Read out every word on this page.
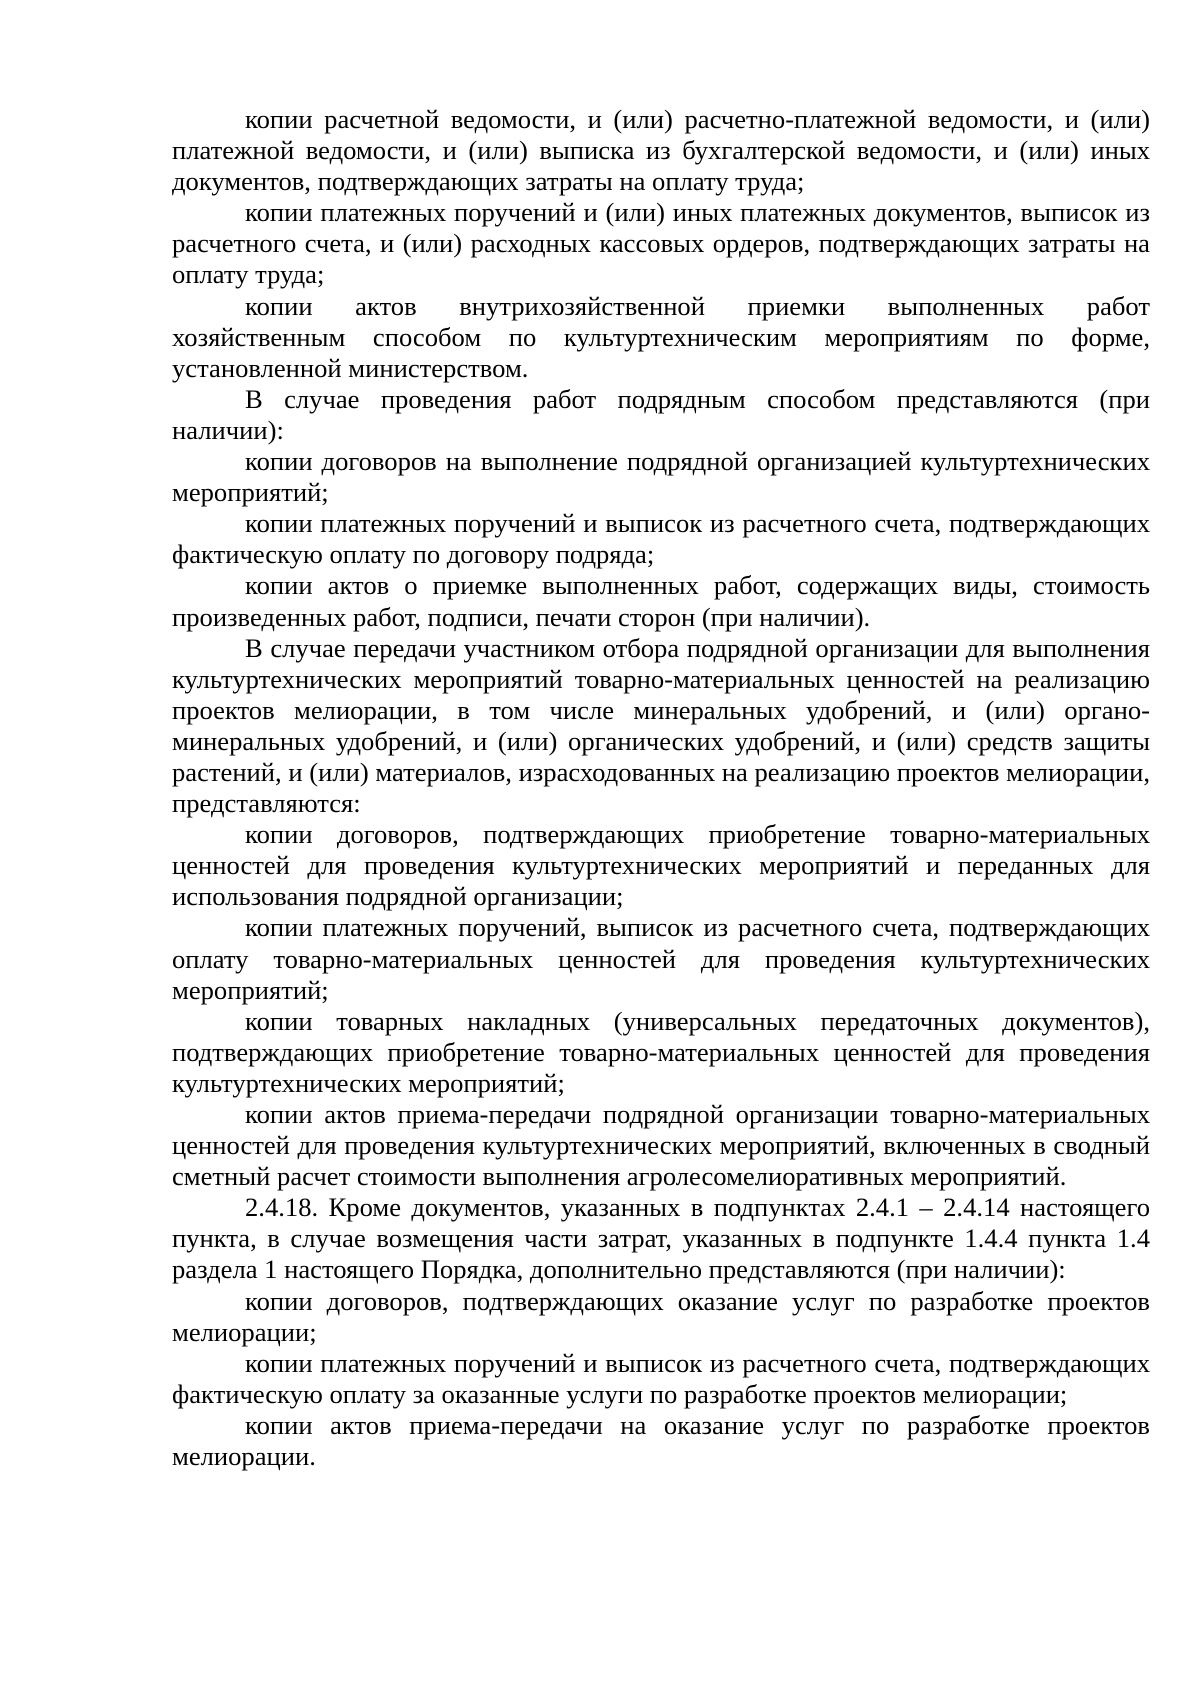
копии расчетной ведомости, и (или) расчетно-платежной ведомости, и (или) платежной ведомости, и (или) выписка из бухгалтерской ведомости, и (или) иных документов, подтверждающих затраты на оплату труда;

копии платежных поручений и (или) иных платежных документов, выписок из расчетного счета, и (или) расходных кассовых ордеров, подтверждающих затраты на оплату труда;

копии актов внутрихозяйственной приемки выполненных работ хозяйственным способом по культуртехническим мероприятиям по форме, установленной министерством.

В случае проведения работ подрядным способом представляются (при наличии):

копии договоров на выполнение подрядной организацией культуртехнических мероприятий;

копии платежных поручений и выписок из расчетного счета, подтверждающих фактическую оплату по договору подряда;

копии актов о приемке выполненных работ, содержащих виды, стоимость произведенных работ, подписи, печати сторон (при наличии).

В случае передачи участником отбора подрядной организации для выполнения культуртехнических мероприятий товарно-материальных ценностей на реализацию проектов мелиорации, в том числе минеральных удобрений, и (или) органо-минеральных удобрений, и (или) органических удобрений, и (или) средств защиты растений, и (или) материалов, израсходованных на реализацию проектов мелиорации, представляются:

копии договоров, подтверждающих приобретение товарно-материальных ценностей для проведения культуртехнических мероприятий и переданных для использования подрядной организации;

копии платежных поручений, выписок из расчетного счета, подтверждающих оплату товарно-материальных ценностей для проведения культуртехнических мероприятий;

копии товарных накладных (универсальных передаточных документов), подтверждающих приобретение товарно-материальных ценностей для проведения культуртехнических мероприятий;

копии актов приема-передачи подрядной организации товарно-материальных ценностей для проведения культуртехнических мероприятий, включенных в сводный сметный расчет стоимости выполнения агролесомелиоративных мероприятий.

2.4.18. Кроме документов, указанных в подпунктах 2.4.1 – 2.4.14 настоящего пункта, в случае возмещения части затрат, указанных в подпункте 1.4.4 пункта 1.4 раздела 1 настоящего Порядка, дополнительно представляются (при наличии):

копии договоров, подтверждающих оказание услуг по разработке проектов мелиорации;

копии платежных поручений и выписок из расчетного счета, подтверждающих фактическую оплату за оказанные услуги по разработке проектов мелиорации;

копии актов приема-передачи на оказание услуг по разработке проектов мелиорации.
